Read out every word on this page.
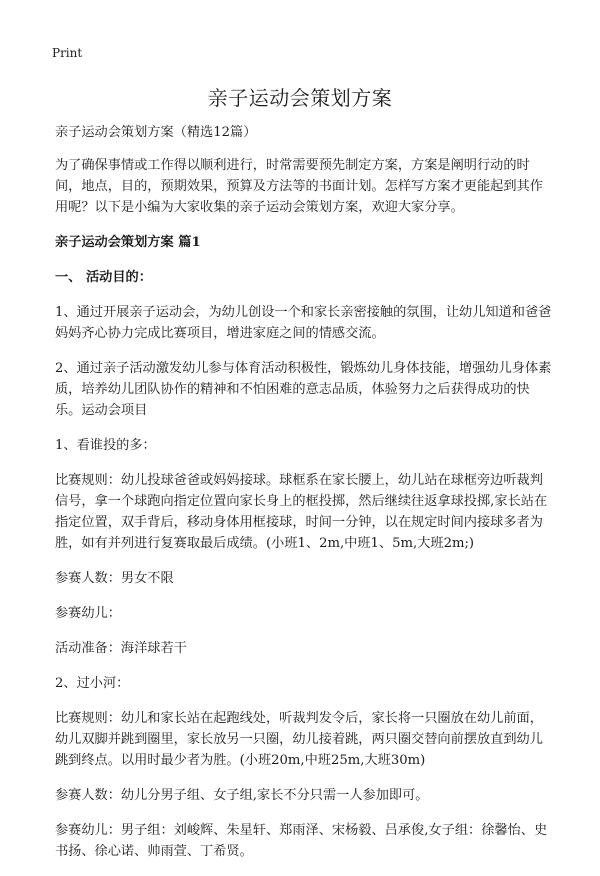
Print
亲子运动会策划方案

亲子运动会策划方案（精选12篇）

为了确保事情或工作得以顺利进行，时常需要预先制定方案，方案是阐明行动的时间，地点，目的，预期效果，预算及方法等的书面计划。怎样写方案才更能起到其作用呢？以下是小编为大家收集的亲子运动会策划方案，欢迎大家分享。

亲子运动会策划方案 篇1

一、 活动目的：

1、通过开展亲子运动会，为幼儿创设一个和家长亲密接触的氛围，让幼儿知道和爸爸妈妈齐心协力完成比赛项目，增进家庭之间的情感交流。

2、通过亲子活动激发幼儿参与体育活动积极性，锻炼幼儿身体技能，增强幼儿身体素质，培养幼儿团队协作的精神和不怕困难的意志品质，体验努力之后获得成功的快乐。运动会项目

1、看谁投的多：

比赛规则：幼儿投球爸爸或妈妈接球。球框系在家长腰上，幼儿站在球框旁边听裁判信号，拿一个球跑向指定位置向家长身上的框投掷，然后继续往返拿球投掷,家长站在指定位置，双手背后，移动身体用框接球，时间一分钟，以在规定时间内接球多者为胜，如有并列进行复赛取最后成绩。(小班1、2m,中班1、5m,大班2m;)

参赛人数：男女不限

参赛幼儿：

活动准备：海洋球若干

2、过小河：

比赛规则：幼儿和家长站在起跑线处，听裁判发令后，家长将一只圈放在幼儿前面，幼儿双脚并跳到圈里，家长放另一只圈，幼儿接着跳，两只圈交替向前摆放直到幼儿跳到终点。以用时最少者为胜。(小班20m,中班25m,大班30m)

参赛人数：幼儿分男子组、女子组,家长不分只需一人参加即可。

参赛幼儿：男子组：刘峻辉、朱星轩、郑雨泽、宋杨毅、吕承俊,女子组：徐馨怡、史书扬、徐心诺、帅雨萱、丁希贤。
